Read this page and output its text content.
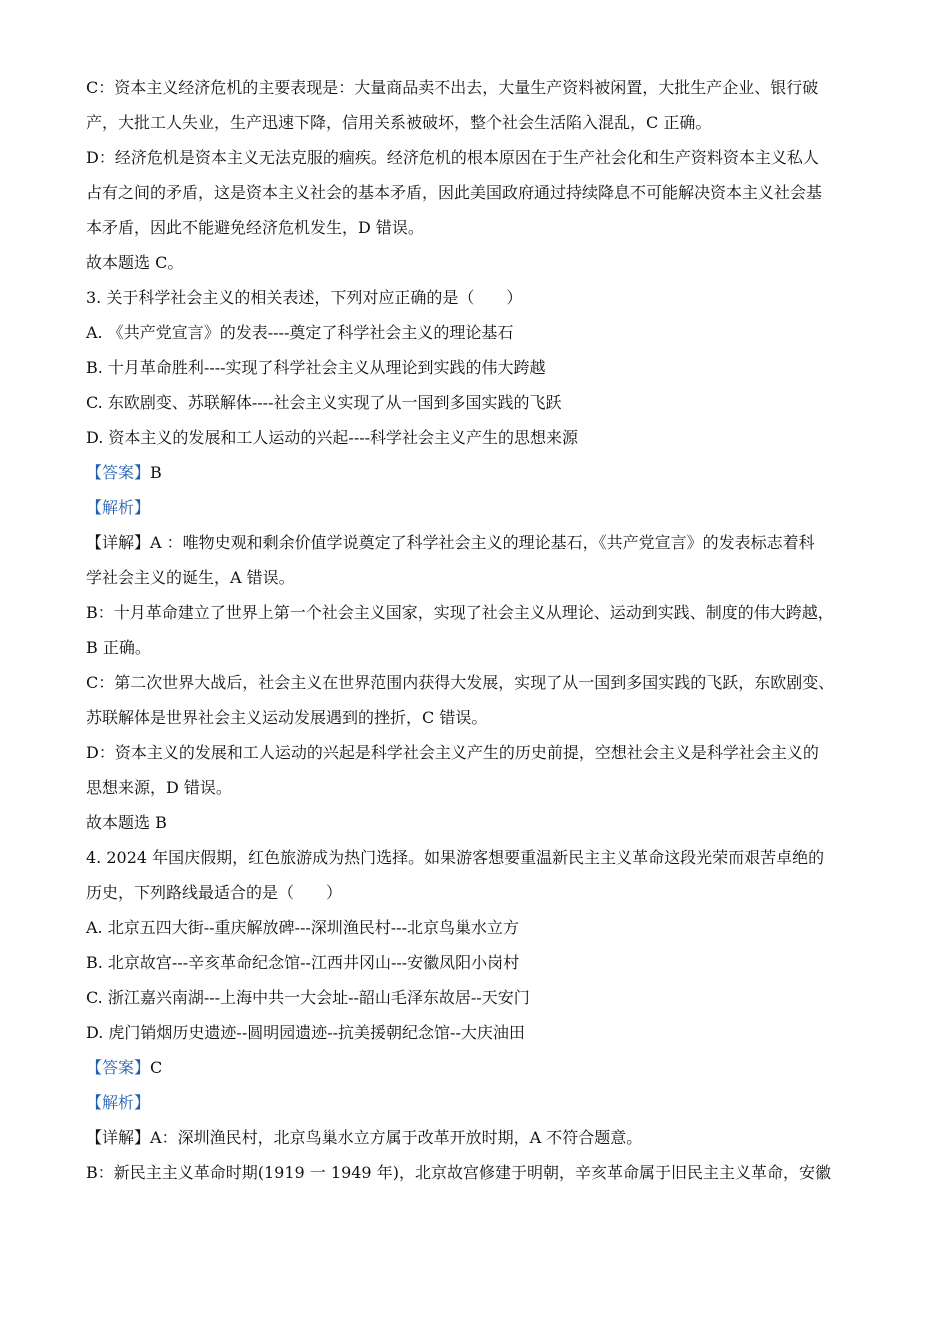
C：资本主义经济危机的主要表现是：大量商品卖不出去，大量生产资料被闲置，大批生产企业、银行破

产，大批工人失业，生产迅速下降，信用关系被破坏，整个社会生活陷入混乱，C 正确。

D：经济危机是资本主义无法克服的痼疾。经济危机的根本原因在于生产社会化和生产资料资本主义私人

占有之间的矛盾，这是资本主义社会的基本矛盾，因此美国政府通过持续降息不可能解决资本主义社会基

本矛盾，因此不能避免经济危机发生，D 错误。

故本题选 C。

3. 关于科学社会主义的相关表述，下列对应正确的是（　　）

A. 《共产党宣言》的发表----奠定了科学社会主义的理论基石

B. 十月革命胜利----实现了科学社会主义从理论到实践的伟大跨越

C. 东欧剧变、苏联解体----社会主义实现了从一国到多国实践的飞跃

D. 资本主义的发展和工人运动的兴起----科学社会主义产生的思想来源

【答案】B

【解析】

【详解】A ：唯物史观和剩余价值学说奠定了科学社会主义的理论基石，《共产党宣言》的发表标志着科

学社会主义的诞生，A 错误。

B：十月革命建立了世界上第一个社会主义国家，实现了社会主义从理论、运动到实践、制度的伟大跨越，

B 正确。

C：第二次世界大战后，社会主义在世界范围内获得大发展，实现了从一国到多国实践的飞跃，东欧剧变、

苏联解体是世界社会主义运动发展遇到的挫折，C 错误。

D：资本主义的发展和工人运动的兴起是科学社会主义产生的历史前提，空想社会主义是科学社会主义的

思想来源，D 错误。

故本题选 B

4. 2024 年国庆假期，红色旅游成为热门选择。如果游客想要重温新民主主义革命这段光荣而艰苦卓绝的

历史，下列路线最适合的是（　　）

A. 北京五四大街--重庆解放碑---深圳渔民村---北京鸟巢水立方

B. 北京故宫---辛亥革命纪念馆--江西井冈山---安徽凤阳小岗村

C. 浙江嘉兴南湖---上海中共一大会址--韶山毛泽东故居--天安门

D. 虎门销烟历史遗迹--圆明园遗迹--抗美援朝纪念馆--大庆油田

【答案】C

【解析】

【详解】A：深圳渔民村，北京鸟巢水立方属于改革开放时期，A 不符合题意。

B：新民主主义革命时期(1919 一 1949 年)，北京故宫修建于明朝，辛亥革命属于旧民主主义革命，安徽
